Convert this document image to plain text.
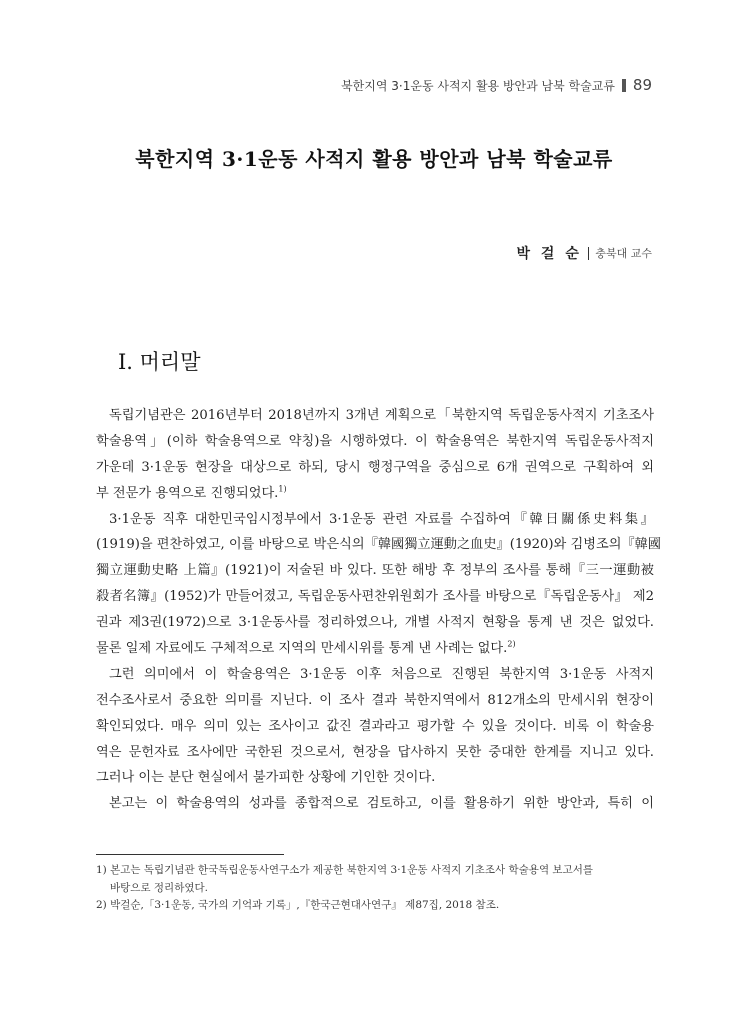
북한지역 3·1운동 사적지 활용 방안과 남북 학술교류 89
북한지역 3·1운동 사적지 활용 방안과 남북 학술교류
박 걸 순 충북대 교수
Ⅰ. 머리말
독립기념관은 2016년부터 2018년까지 3개년 계획으로「북한지역 독립운동사적지 기초조사
학술용역」(이하 학술용역으로 약칭)을 시행하였다. 이 학술용역은 북한지역 독립운동사적지
가운데 3·1운동 현장을 대상으로 하되, 당시 행정구역을 중심으로 6개 권역으로 구획하여 외
부 전문가 용역으로 진행되었다.$^{1)}$
3·1운동 직후 대한민국임시정부에서 3·1운동 관련 자료를 수집하여『韓日關係史料集』
(1919)을 편찬하였고, 이를 바탕으로 박은식의『韓國獨立運動之血史』(1920)와 김병조의『韓國
獨立運動史略 上篇』(1921)이 저술된 바 있다. 또한 해방 후 정부의 조사를 통해『三一運動被
殺者名簿』(1952)가 만들어졌고, 독립운동사편찬위원회가 조사를 바탕으로『독립운동사』 제2
권과 제3권(1972)으로 3·1운동사를 정리하였으나, 개별 사적지 현황을 통계 낸 것은 없었다.
물론 일제 자료에도 구체적으로 지역의 만세시위를 통계 낸 사례는 없다.$^{2)}$
그런 의미에서 이 학술용역은 3·1운동 이후 처음으로 진행된 북한지역 3·1운동 사적지
전수조사로서 중요한 의미를 지닌다. 이 조사 결과 북한지역에서 812개소의 만세시위 현장이
확인되었다. 매우 의미 있는 조사이고 값진 결과라고 평가할 수 있을 것이다. 비록 이 학술용
역은 문헌자료 조사에만 국한된 것으로서, 현장을 답사하지 못한 중대한 한계를 지니고 있다.
그러나 이는 분단 현실에서 불가피한 상황에 기인한 것이다.
본고는 이 학술용역의 성과를 종합적으로 검토하고, 이를 활용하기 위한 방안과, 특히 이
1) 본고는 독립기념관 한국독립운동사연구소가 제공한 북한지역 3·1운동 사적지 기초조사 학술용역 보고서를
바탕으로 정리하였다.
2) 박걸순,「3·1운동, 국가의 기억과 기록」,『한국근현대사연구』 제87집, 2018 참조.
